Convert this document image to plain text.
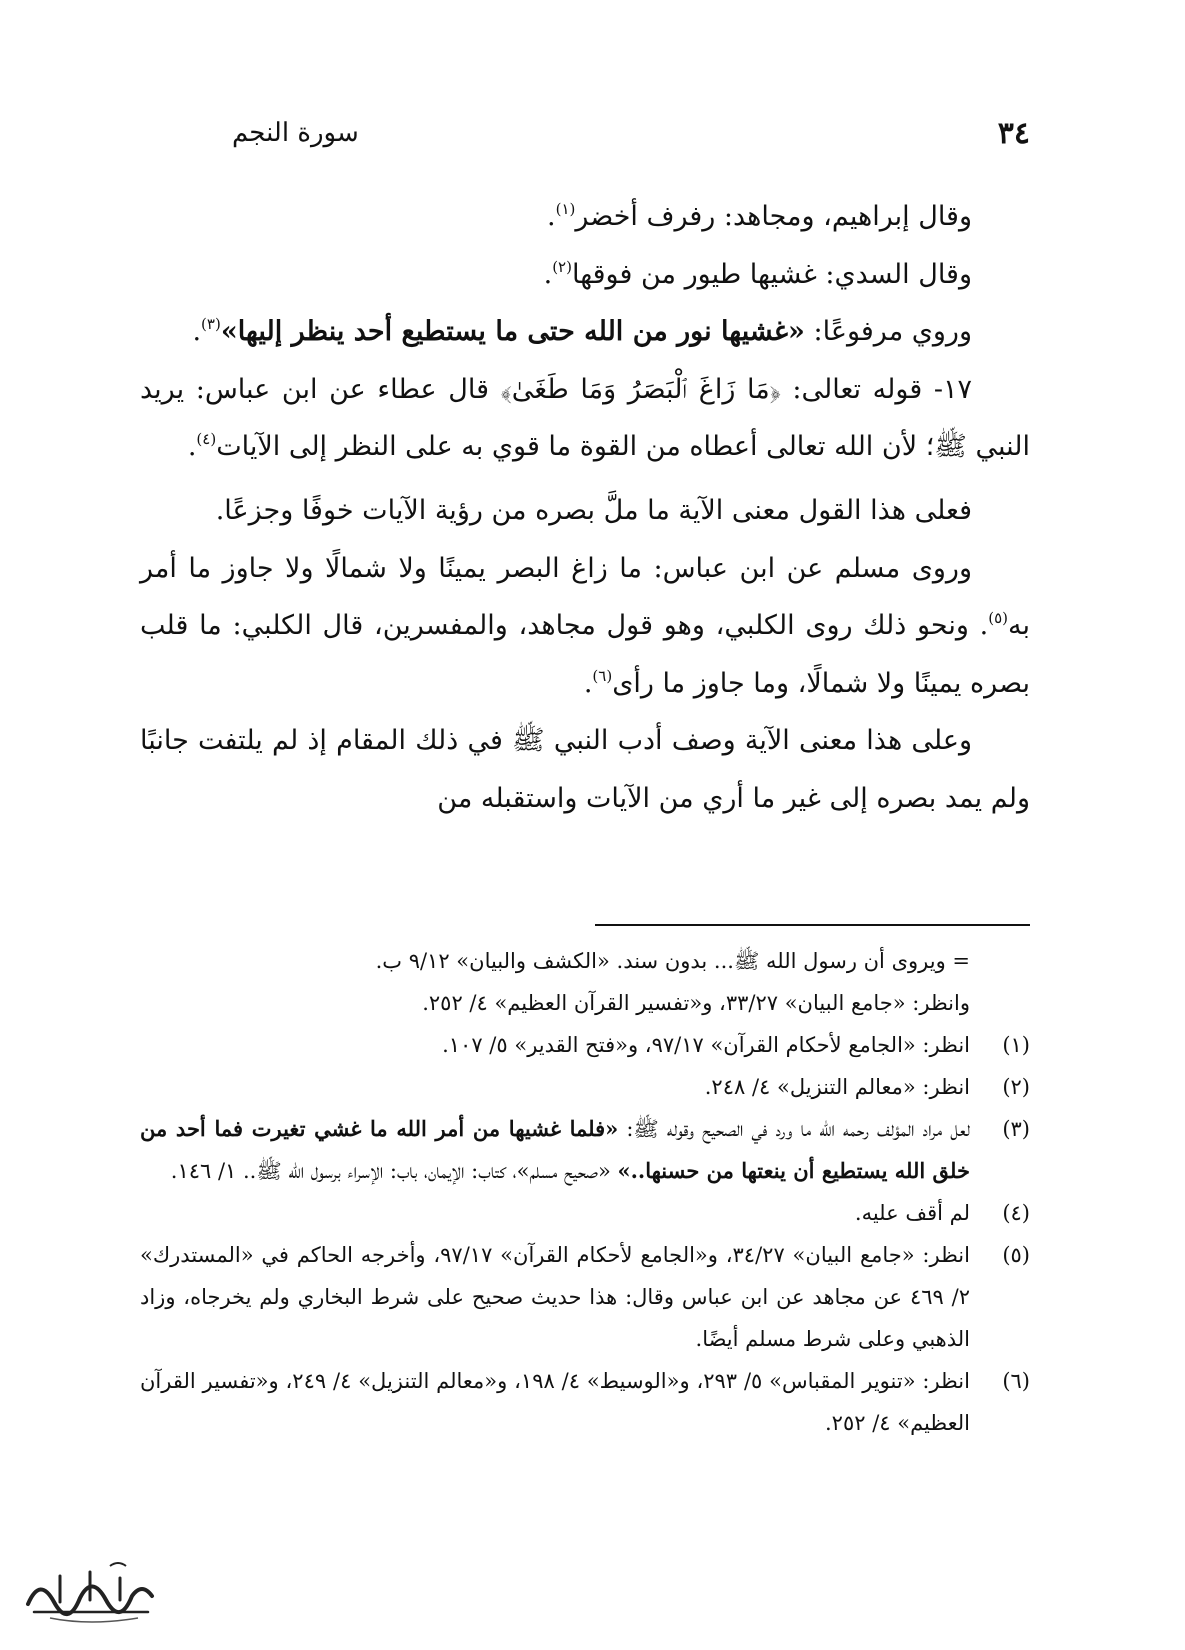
٣٤
سورة النجم

وقال إبراهيم، ومجاهد: رفرف أخضر$^{(١)}$.

وقال السدي: غشيها طيور من فوقها$^{(٢)}$.

وروي مرفوعًا: «غشيها نور من الله حتى ما يستطيع أحد ينظر إليها»$^{(٣)}$.

١٧- قوله تعالى: ﴿مَا زَاغَ ٱلْبَصَرُ وَمَا طَغَىٰ﴾ قال عطاء عن ابن عباس: يريد النبي ﷺ؛ لأن الله تعالى أعطاه من القوة ما قوي به على النظر إلى الآيات$^{(٤)}$.

فعلى هذا القول معنى الآية ما ملَّ بصره من رؤية الآيات خوفًا وجزعًا.

وروى مسلم عن ابن عباس: ما زاغ البصر يمينًا ولا شمالًا ولا جاوز ما أمر به$^{(٥)}$. ونحو ذلك روى الكلبي، وهو قول مجاهد، والمفسرين، قال الكلبي: ما قلب بصره يمينًا ولا شمالًا، وما جاوز ما رأى$^{(٦)}$.

وعلى هذا معنى الآية وصف أدب النبي ﷺ في ذلك المقام إذ لم يلتفت جانبًا ولم يمد بصره إلى غير ما أري من الآيات واستقبله من

= ويروى أن رسول الله ﷺ... بدون سند. «الكشف والبيان» ٩/١٢ ب.

وانظر: «جامع البيان» ٣٣/٢٧، و«تفسير القرآن العظيم» ٤/ ٢٥٢.

(١)
انظر: «الجامع لأحكام القرآن» ٩٧/١٧، و«فتح القدير» ٥/ ١٠٧.
(٢)
انظر: «معالم التنزيل» ٤/ ٢٤٨.
(٣)
لعل مراد المؤلف رحمه الله ما ورد في الصحيح وقوله ﷺ: «فلما غشيها من أمر الله ما غشي تغيرت فما أحد من خلق الله يستطيع أن ينعتها من حسنها..» «صحيح مسلم»، كتاب: الإيمان، باب: الإسراء برسول الله ﷺ.. ١/ ١٤٦.
(٤)
لم أقف عليه.
(٥)
انظر: «جامع البيان» ٣٤/٢٧، و«الجامع لأحكام القرآن» ٩٧/١٧، وأخرجه الحاكم في «المستدرك» ٢/ ٤٦٩ عن مجاهد عن ابن عباس وقال: هذا حديث صحيح على شرط البخاري ولم يخرجاه، وزاد الذهبي وعلى شرط مسلم أيضًا.
(٦)
انظر: «تنوير المقباس» ٥/ ٢٩٣، و«الوسيط» ٤/ ١٩٨، و«معالم التنزيل» ٤/ ٢٤٩، و«تفسير القرآن العظيم» ٤/ ٢٥٢.
